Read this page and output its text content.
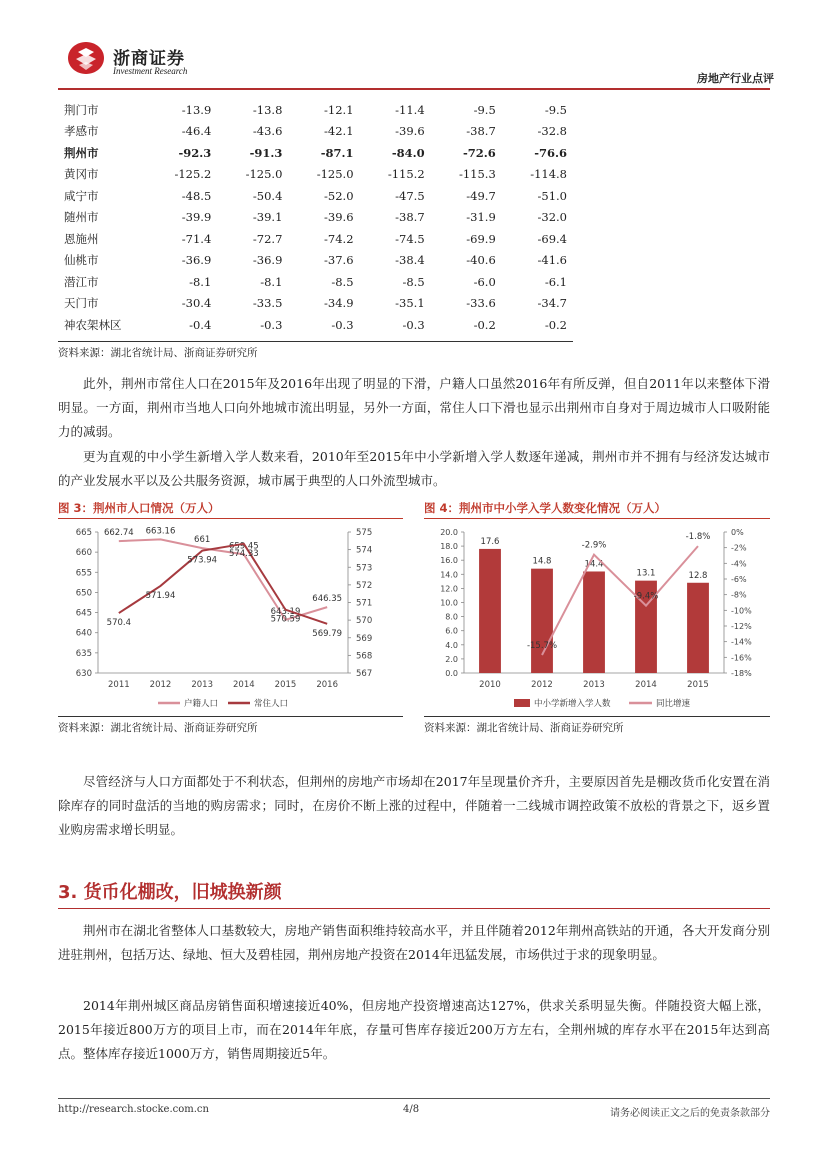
浙商证券
Investment Research
房地产行业点评
荆门市	-13.9	-13.8	-12.1	-11.4	-9.5	-9.5
孝感市	-46.4	-43.6	-42.1	-39.6	-38.7	-32.8
荆州市	-92.3	-91.3	-87.1	-84.0	-72.6	-76.6
黄冈市	-125.2	-125.0	-125.0	-115.2	-115.3	-114.8
咸宁市	-48.5	-50.4	-52.0	-47.5	-49.7	-51.0
随州市	-39.9	-39.1	-39.6	-38.7	-31.9	-32.0
恩施州	-71.4	-72.7	-74.2	-74.5	-69.9	-69.4
仙桃市	-36.9	-36.9	-37.6	-38.4	-40.6	-41.6
潜江市	-8.1	-8.1	-8.5	-8.5	-6.0	-6.1
天门市	-30.4	-33.5	-34.9	-35.1	-33.6	-34.7
神农架林区	-0.4	-0.3	-0.3	-0.3	-0.2	-0.2
资料来源：湖北省统计局、浙商证券研究所
此外，荆州市常住人口在2015年及2016年出现了明显的下滑，户籍人口虽然2016年有所反弹，但自2011年以来整体下滑明显。一方面，荆州市当地人口向外地城市流出明显，另外一方面，常住人口下滑也显示出荆州市自身对于周边城市人口吸附能力的减弱。
更为直观的中小学生新增入学人数来看，2010年至2015年中小学新增入学人数逐年递减，荆州市并不拥有与经济发达城市的产业发展水平以及公共服务资源，城市属于典型的人口外流型城市。
图 3：荆州市人口情况（万人）
630
635
640
645
650
655
660
665
567
568
569
570
571
572
573
574
575
2011 2012 2013 2014 2015 2016
662.74 663.16
661
659.45
643.19
646.35
570.4
571.94
573.94
574.33
570.59
569.79
户籍人口	常住人口
资料来源：湖北省统计局、浙商证券研究所
图 4：荆州市中小学入学人数变化情况（万人）
0.0
2.0
4.0
6.0
8.0
10.0
12.0
14.0
16.0
18.0
20.0
-18%
-16%
-14%
-12%
-10%
-8%
-6%
-4%
-2%
0%
2010	2012	2013	2014	2015
17.6
14.8	14.4
13.1	12.8
-15.7%
-2.9%
-9.4%
-1.8%
中小学新增入学人数	同比增速
资料来源：湖北省统计局、浙商证券研究所
尽管经济与人口方面都处于不利状态，但荆州的房地产市场却在2017年呈现量价齐升，主要原因首先是棚改货币化安置在消除库存的同时盘活的当地的购房需求；同时，在房价不断上涨的过程中，伴随着一二线城市调控政策不放松的背景之下，返乡置业购房需求增长明显。
3. 货币化棚改，旧城换新颜
荆州市在湖北省整体人口基数较大，房地产销售面积维持较高水平，并且伴随着2012年荆州高铁站的开通，各大开发商分别进驻荆州，包括万达、绿地、恒大及碧桂园，荆州房地产投资在2014年迅猛发展，市场供过于求的现象明显。
2014年荆州城区商品房销售面积增速接近40%，但房地产投资增速高达127%，供求关系明显失衡。伴随投资大幅上涨，2015年接近800万方的项目上市，而在2014年年底，存量可售库存接近200万方左右，全荆州城的库存水平在2015年达到高点。整体库存接近1000万方，销售周期接近5年。
http://research.stocke.com.cn	4/8	请务必阅读正文之后的免责条款部分
